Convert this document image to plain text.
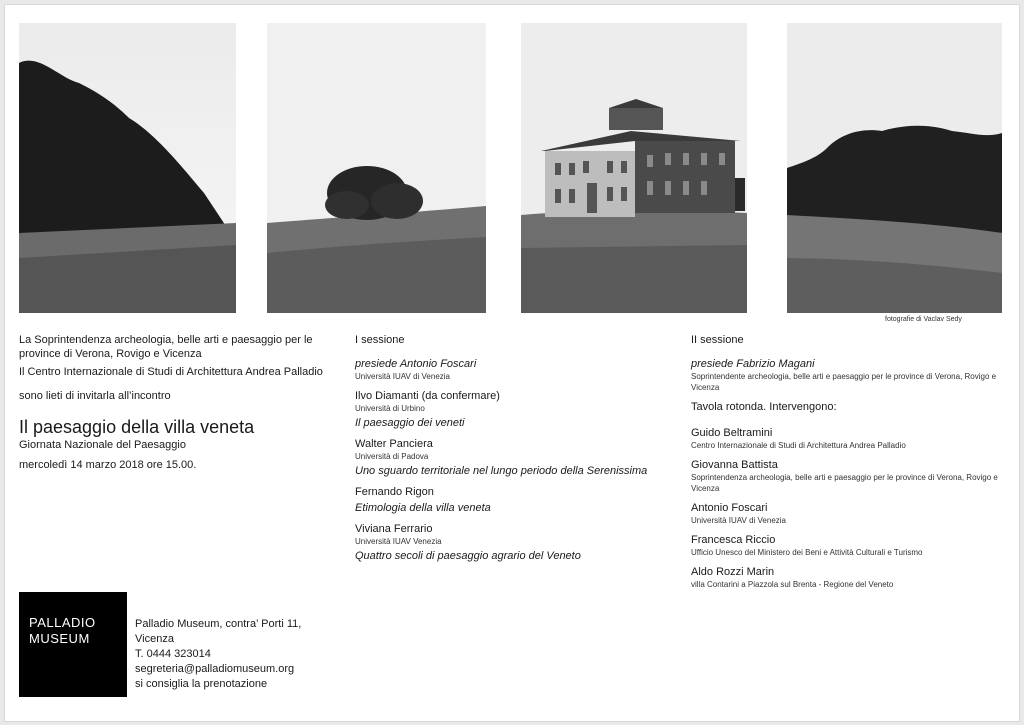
fotografie di Vaclav Sedy

La Soprintendenza archeologia, belle arti e paesaggio per le province di Verona, Rovigo e Vicenza

Il Centro Internazionale di Studi di Architettura Andrea Palladio

sono lieti di invitarla all’incontro

Il paesaggio della villa veneta

Giornata Nazionale del Paesaggio

mercoledì 14 marzo 2018 ore 15.00.

I sessione

presiede Antonio Foscari

Università IUAV di Venezia

Ilvo Diamanti (da confermare)

Università di Urbino

Il paesaggio dei veneti

Walter Panciera

Università di Padova

Uno sguardo territoriale nel lungo periodo della Serenissima

Fernando Rigon

Etimologia della villa veneta

Viviana Ferrario

Università IUAV Venezia

Quattro secoli di paesaggio agrario del Veneto

II sessione

presiede Fabrizio Magani

Soprintendente archeologia, belle arti e paesaggio per le province di Verona, Rovigo e Vicenza

Tavola rotonda. Intervengono:

Guido Beltramini

Centro Internazionale di Studi di Architettura Andrea Palladio

Giovanna Battista

Soprintendenza archeologia, belle arti e paesaggio per le province di Verona, Rovigo e Vicenza

Antonio Foscari

Università IUAV di Venezia

Francesca Riccio

Ufficio Unesco del Ministero dei Beni e Attività Culturali e Turismo

Aldo Rozzi Marin

villa Contarini a Piazzola sul Brenta - Regione del Veneto

PALLADIO
MUSEUM
Palladio Museum, contra’ Porti 11,
Vicenza
T. 0444 323014
segreteria@palladiomuseum.org
si consiglia la prenotazione
